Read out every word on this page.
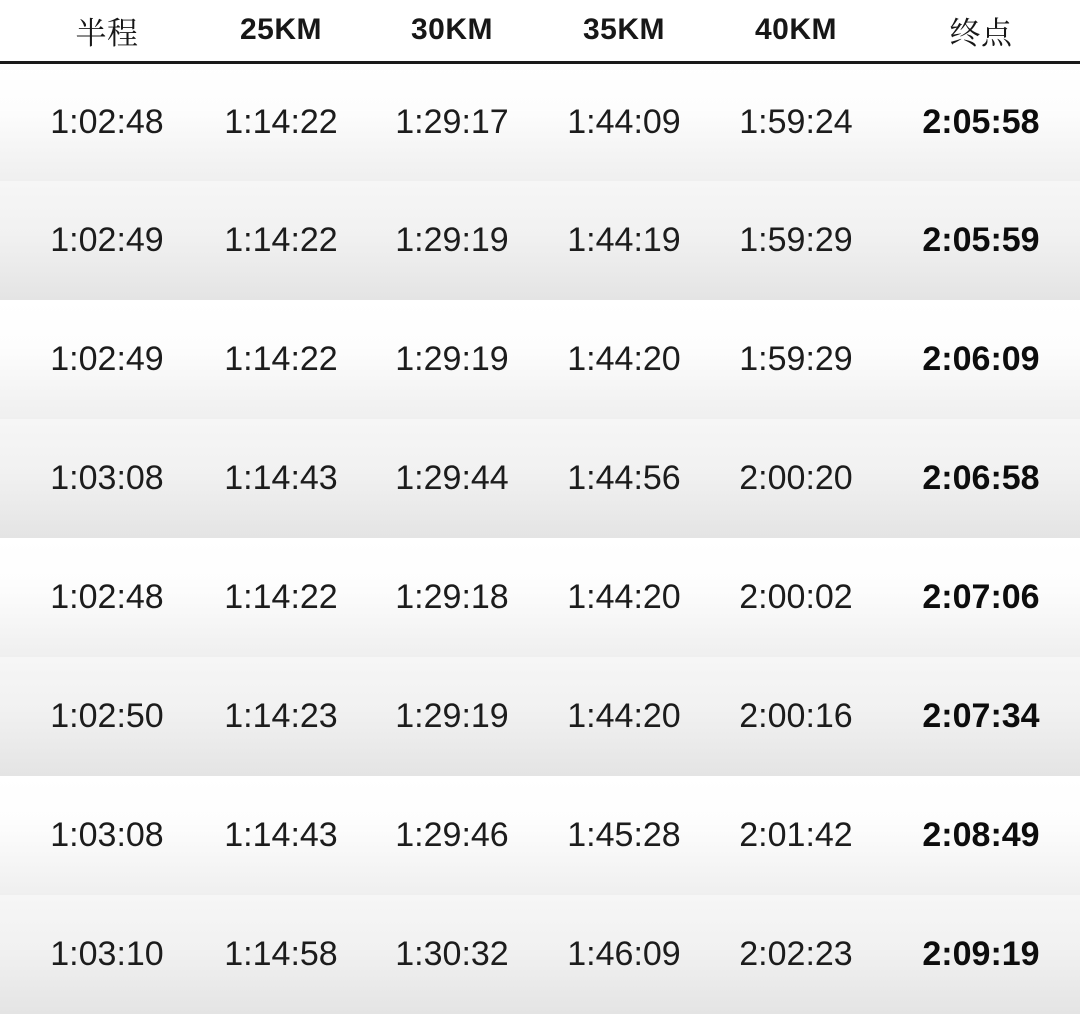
	半程	25KM	30KM	35KM	40KM	终点
	1:02:48	1:14:22	1:29:17	1:44:09	1:59:24	2:05:58
	1:02:49	1:14:22	1:29:19	1:44:19	1:59:29	2:05:59
	1:02:49	1:14:22	1:29:19	1:44:20	1:59:29	2:06:09
	1:03:08	1:14:43	1:29:44	1:44:56	2:00:20	2:06:58
	1:02:48	1:14:22	1:29:18	1:44:20	2:00:02	2:07:06
	1:02:50	1:14:23	1:29:19	1:44:20	2:00:16	2:07:34
	1:03:08	1:14:43	1:29:46	1:45:28	2:01:42	2:08:49
	1:03:10	1:14:58	1:30:32	1:46:09	2:02:23	2:09:19
